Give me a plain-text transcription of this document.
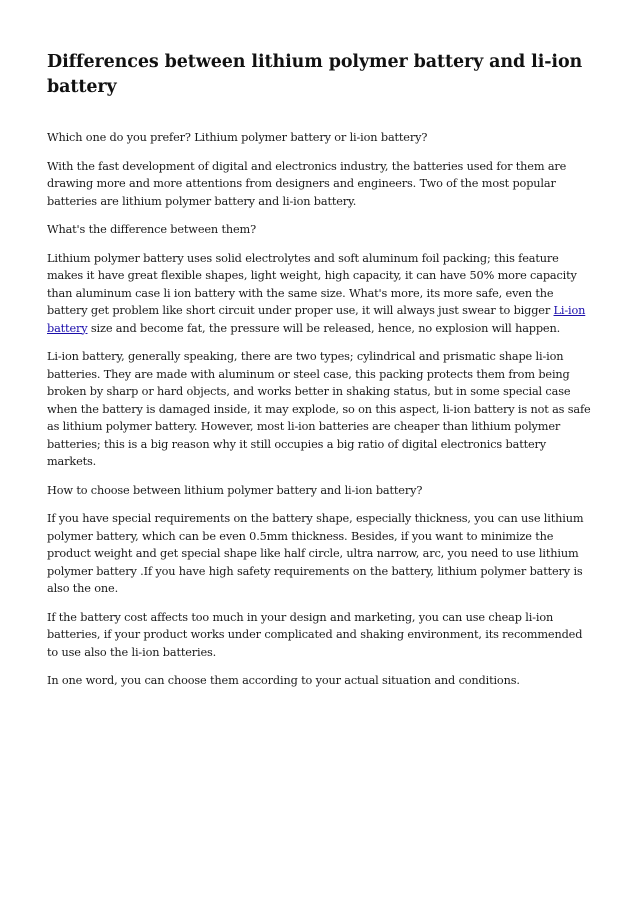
Differences between lithium polymer battery and li-ion battery

Which one do you prefer? Lithium polymer battery or li-ion battery?

With the fast development of digital and electronics industry, the batteries used for them are drawing more and more attentions from designers and engineers. Two of the most popular batteries are lithium polymer battery and li-ion battery.

What's the difference between them?

Lithium polymer battery uses solid electrolytes and soft aluminum foil packing; this feature makes it have great flexible shapes, light weight, high capacity, it can have 50% more capacity than aluminum case li ion battery with the same size. What's more, its more safe, even the battery get problem like short circuit under proper use, it will always just swear to bigger Li-ion battery size and become fat, the pressure will be released, hence, no explosion will happen.

Li-ion battery, generally speaking, there are two types; cylindrical and prismatic shape li-ion batteries. They are made with aluminum or steel case, this packing protects them from being broken by sharp or hard objects, and works better in shaking status, but in some special case when the battery is damaged inside, it may explode, so on this aspect, li-ion battery is not as safe as lithium polymer battery. However, most li-ion batteries are cheaper than lithium polymer batteries; this is a big reason why it still occupies a big ratio of digital electronics battery markets.

How to choose between lithium polymer battery and li-ion battery?

If you have special requirements on the battery shape, especially thickness, you can use lithium polymer battery, which can be even 0.5mm thickness. Besides, if you want to minimize the product weight and get special shape like half circle, ultra narrow, arc, you need to use lithium polymer battery .If you have high safety requirements on the battery, lithium polymer battery is also the one.

If the battery cost affects too much in your design and marketing, you can use cheap li-ion batteries, if your product works under complicated and shaking environment, its recommended to use also the li-ion batteries.

In one word, you can choose them according to your actual situation and conditions.
